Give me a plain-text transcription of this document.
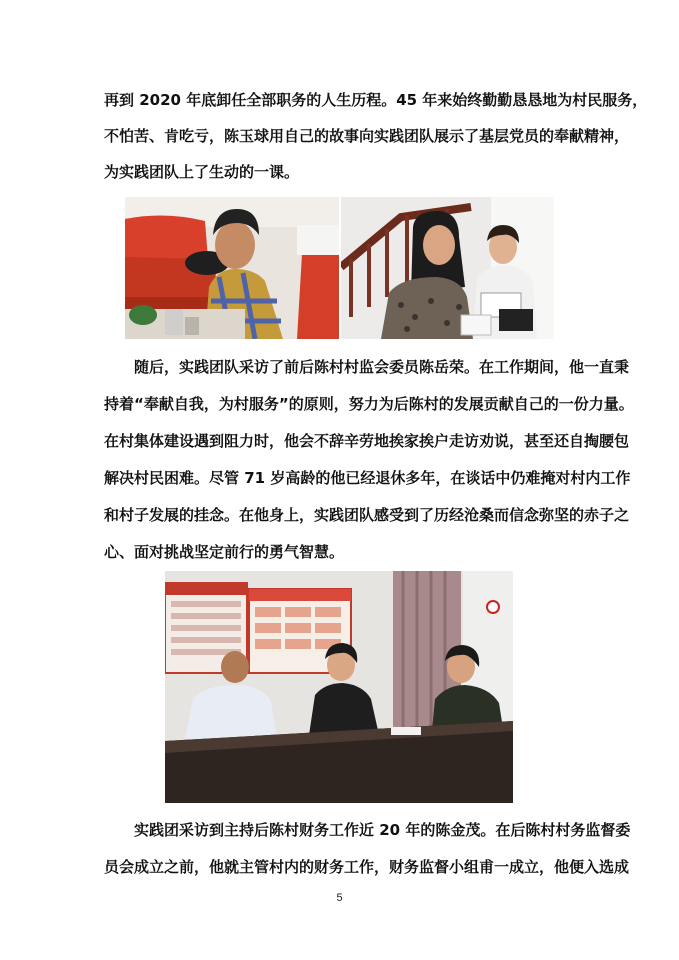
再到 2020 年底卸任全部职务的人生历程。45 年来始终勤勤恳恳地为村民服务，
不怕苦、肯吃亏，陈玉球用自己的故事向实践团队展示了基层党员的奉献精神，
为实践团队上了生动的一课。
随后，实践团队采访了前后陈村村监会委员陈岳荣。在工作期间，他一直秉
持着“奉献自我，为村服务”的原则，努力为后陈村的发展贡献自己的一份力量。
在村集体建设遇到阻力时，他会不辞辛劳地挨家挨户走访劝说，甚至还自掏腰包
解决村民困难。尽管 71 岁高龄的他已经退休多年，在谈话中仍难掩对村内工作
和村子发展的挂念。在他身上，实践团队感受到了历经沧桑而信念弥坚的赤子之
心、面对挑战坚定前行的勇气智慧。
实践团采访到主持后陈村财务工作近 20 年的陈金茂。在后陈村村务监督委
员会成立之前，他就主管村内的财务工作，财务监督小组甫一成立，他便入选成
5
